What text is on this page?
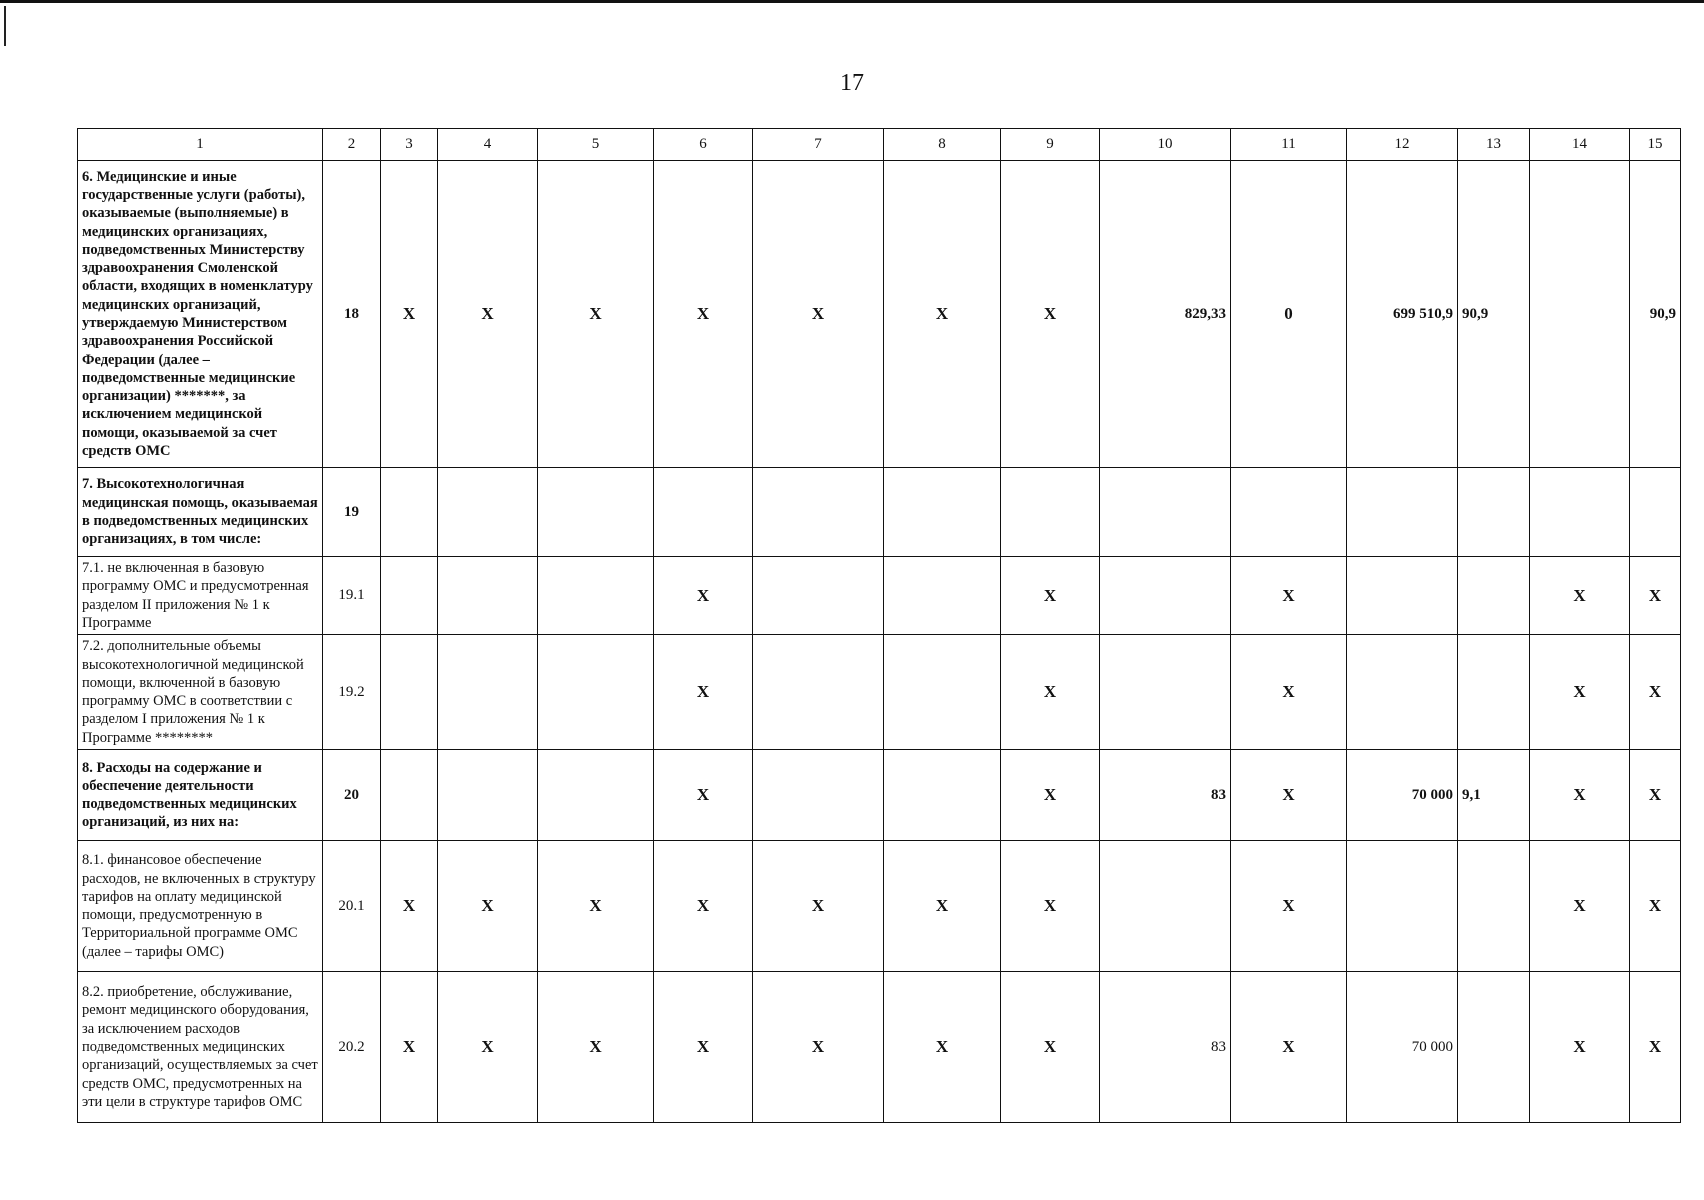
17
1	2	3	4	5	6	7	8	9	10	11	12	13	14	15
6. Медицинские и иные государственные услуги (работы), оказываемые (выполняемые) в медицинских организациях, подведомственных Министерству здравоохранения Смоленской области, входящих в номенклатуру медицинских организаций, утверждаемую Министерством здравоохранения Российской Федерации (далее – подведомственные медицинские организации) *******, за исключением медицинской помощи, оказываемой за счет средств ОМС	18	X	X	X	X	X	X	X	829,33	0	699 510,9	90,9		90,9
7. Высокотехнологичная медицинская помощь, оказываемая в подведомственных медицинских организациях, в том числе:	19													
7.1. не включенная в базовую программу ОМС и предусмотренная разделом II приложения № 1 к Программе	19.1				X			X		X			X	X
7.2. дополнительные объемы высокотехнологичной медицинской помощи, включенной в базовую программу ОМС в соответствии с разделом I приложения № 1 к Программе ********	19.2				X			X		X			X	X
8. Расходы на содержание и обеспечение деятельности подведомственных медицинских организаций, из них на:	20				X			X	83	X	70 000	9,1	X	X
8.1. финансовое обеспечение расходов, не включенных в структуру тарифов на оплату медицинской помощи, предусмотренную в Территориальной программе ОМС (далее – тарифы ОМС)	20.1	X	X	X	X	X	X	X		X			X	X
8.2. приобретение, обслуживание, ремонт медицинского оборудования, за исключением расходов подведомственных медицинских организаций, осуществляемых за счет средств ОМС, предусмотренных на эти цели в структуре тарифов ОМС	20.2	X	X	X	X	X	X	X	83	X	70 000		X	X
